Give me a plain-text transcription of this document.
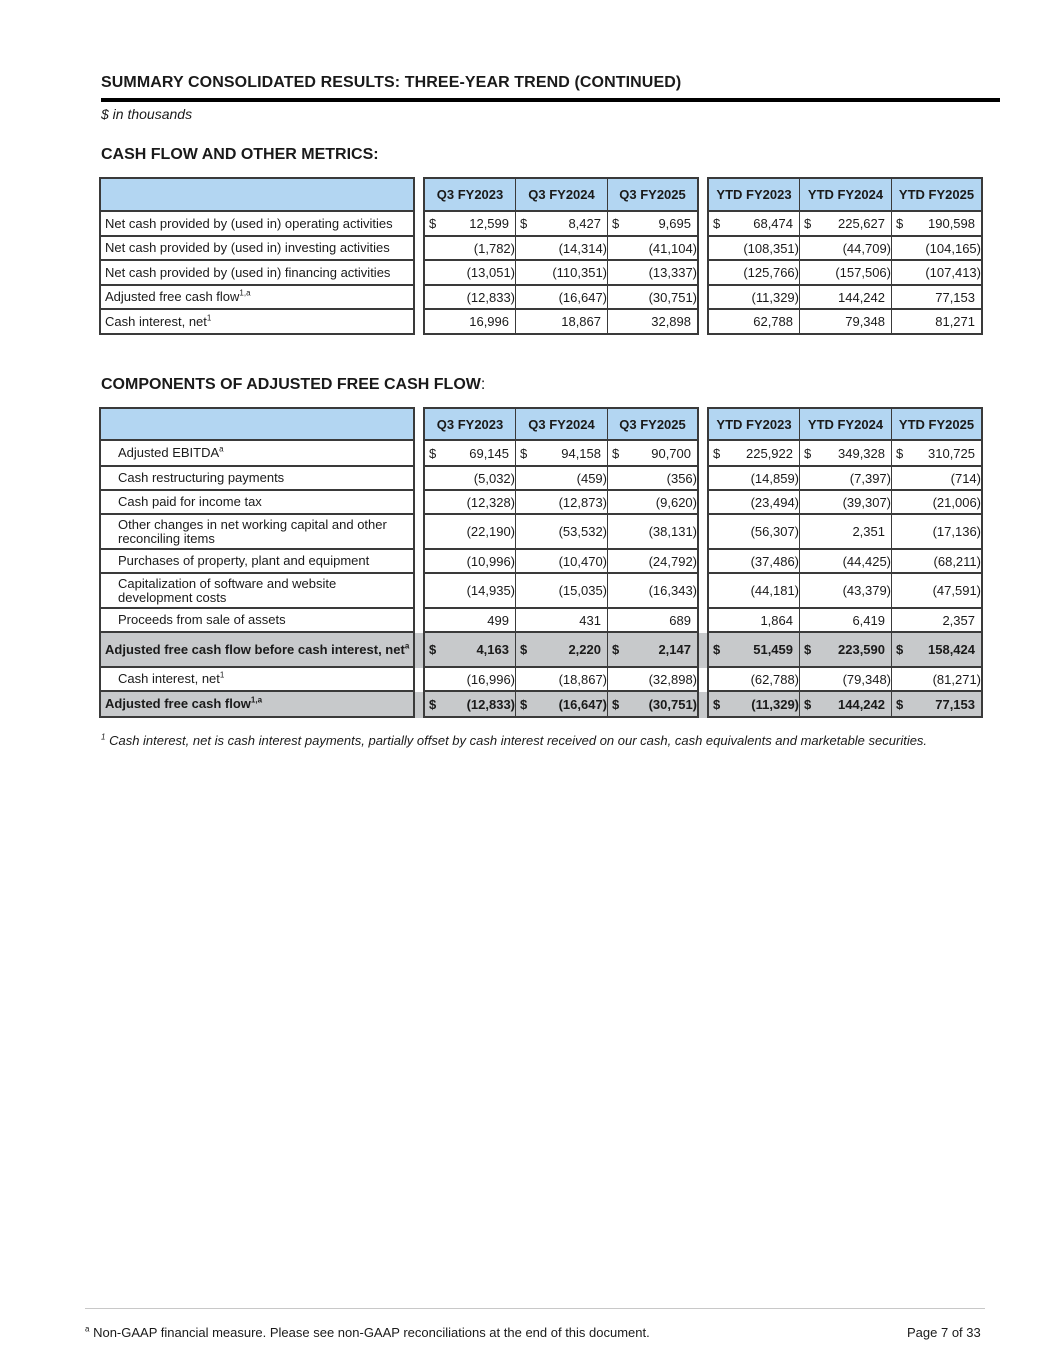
SUMMARY CONSOLIDATED RESULTS: THREE-YEAR TREND (CONTINUED)
$ in thousands
CASH FLOW AND OTHER METRICS:
		Q3 FY2023	Q3 FY2024	Q3 FY2025		YTD FY2023	YTD FY2024	YTD FY2025
Net cash provided by (used in) operating activities		$ 12,599	$ 8,427	$ 9,695		$ 68,474	$ 225,627	$ 190,598

Net cash provided by (used in) investing activities		(1,782)	(14,314)	(41,104)		(108,351)	(44,709)	(104,165)

Net cash provided by (used in) financing activities		(13,051)	(110,351)	(13,337)		(125,766)	(157,506)	(107,413)

Adjusted free cash flow$^{1,a}$		(12,833)	(16,647)	(30,751)		(11,329)	144,242	77,153

Cash interest, net$^1$		16,996	18,867	32,898		62,788	79,348	81,271
COMPONENTS OF ADJUSTED FREE CASH FLOW:
		Q3 FY2023	Q3 FY2024	Q3 FY2025		YTD FY2023	YTD FY2024	YTD FY2025
Adjusted EBITDA$^a$		$ 69,145	$ 94,158	$ 90,700		$ 225,922	$ 349,328	$ 310,725

Cash restructuring payments		(5,032)	(459)	(356)		(14,859)	(7,397)	(714)

Cash paid for income tax		(12,328)	(12,873)	(9,620)		(23,494)	(39,307)	(21,006)

Other changes in net working capital and other reconciling items		(22,190)	(53,532)	(38,131)		(56,307)	2,351	(17,136)

Purchases of property, plant and equipment		(10,996)	(10,470)	(24,792)		(37,486)	(44,425)	(68,211)

Capitalization of software and website development costs		(14,935)	(15,035)	(16,343)		(44,181)	(43,379)	(47,591)

Proceeds from sale of assets		499	431	689		1,864	6,419	2,357

Adjusted free cash flow before cash interest, net$^a$		$ 4,163	$ 2,220	$ 2,147		$ 51,459	$ 223,590	$ 158,424

Cash interest, net$^1$		(16,996)	(18,867)	(32,898)		(62,788)	(79,348)	(81,271)

Adjusted free cash flow$^{1,a}$		$ (12,833)	$ (16,647)	$ (30,751)		$ (11,329)	$ 144,242	$ 77,153
$^1$ Cash interest, net is cash interest payments, partially offset by cash interest received on our cash, cash equivalents and marketable securities.
$^a$ Non-GAAP financial measure. Please see non-GAAP reconciliations at the end of this document.	Page 7 of 33
